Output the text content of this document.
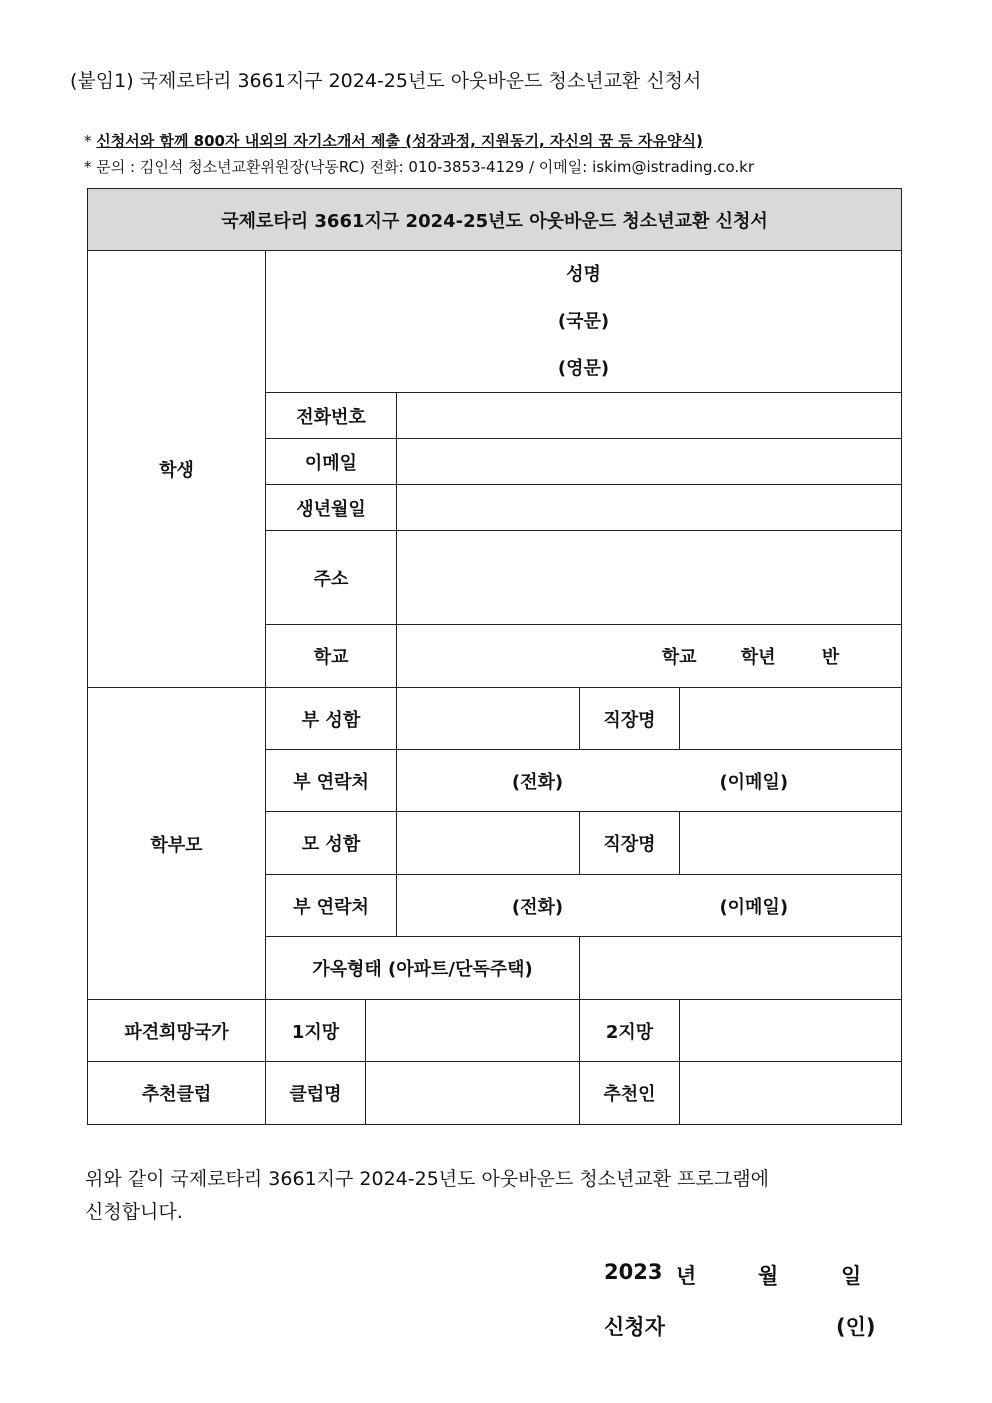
(붙임1) 국제로타리 3661지구 2024-25년도 아웃바운드 청소년교환 신청서
* 신청서와 함께 800자 내외의 자기소개서 제출 (성장과정, 지원동기, 자신의 꿈 등 자유양식)
* 문의 : 김인석 청소년교환위원장(낙동RC) 전화: 010-3853-4129 / 이메일: iskim@istrading.co.kr
국제로타리 3661지구 2024-25년도 아웃바운드 청소년교환 신청서					
학생	성명
(국문)
(영문)				

	전화번호				
	이메일				
	생년월일				
	주소				
	학교		학교 학년 반		
학부모	부 성함			직장명	
	부 연락처		(전화) (이메일)		
	모 성함			직장명	
	부 연락처		(전화) (이메일)		
	가옥형태 (아파트/단독주택)				
파견희망국가	1지망			2지망	
추천클럽	클럽명			추천인	
위와 같이 국제로타리 3661지구 2024-25년도 아웃바운드 청소년교환 프로그램에
신청합니다.
2023 년	월	일
신청자	(인)
